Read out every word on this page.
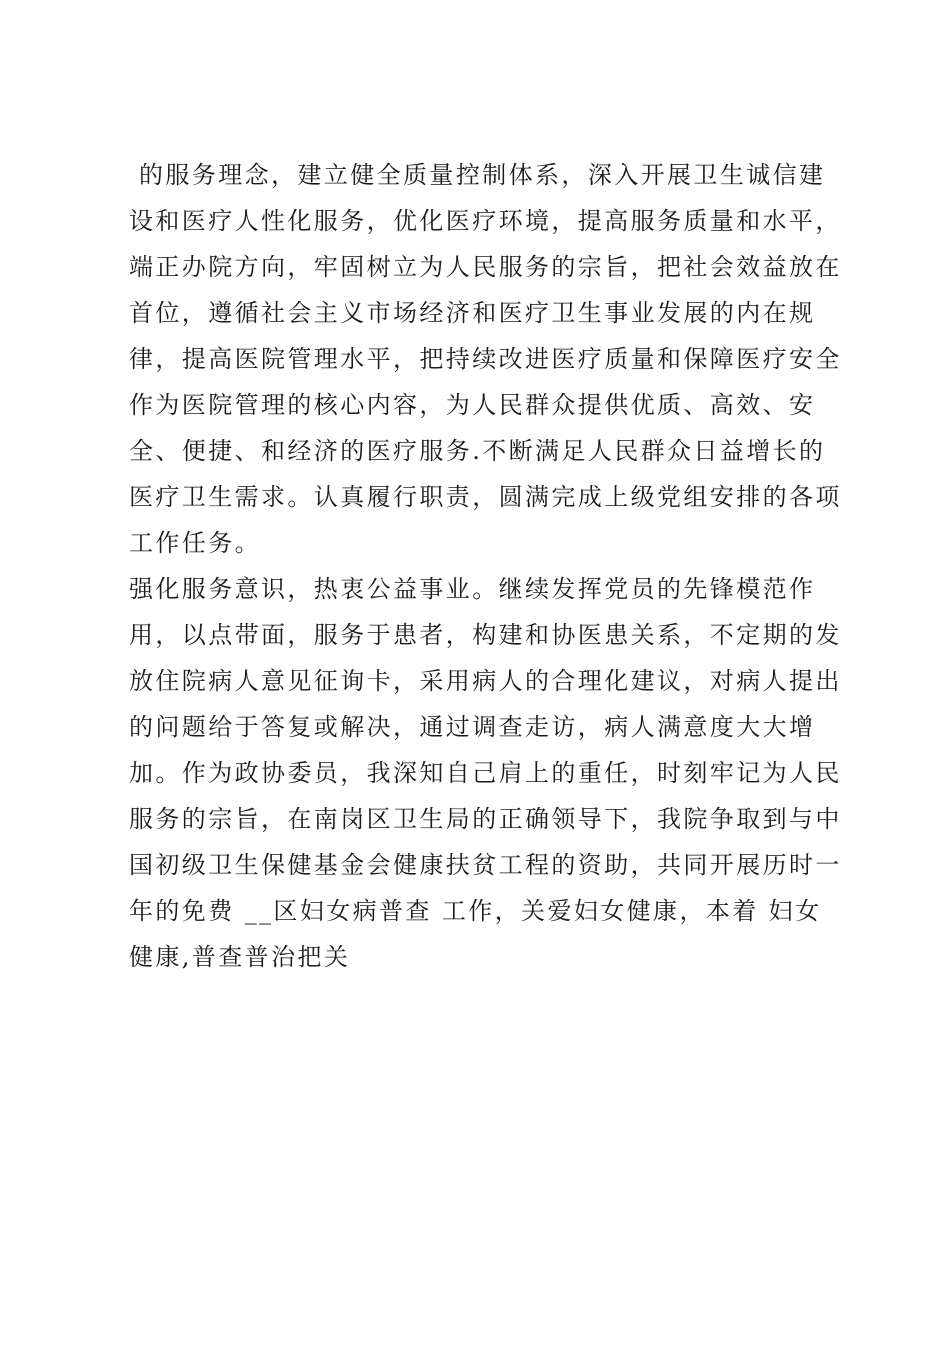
的服务理念，建立健全质量控制体系，深入开展卫生诚信建
设和医疗人性化服务，优化医疗环境，提高服务质量和水平，
端正办院方向，牢固树立为人民服务的宗旨，把社会效益放在
首位，遵循社会主义市场经济和医疗卫生事业发展的内在规
律，提高医院管理水平，把持续改进医疗质量和保障医疗安全
作为医院管理的核心内容，为人民群众提供优质、高效、安
全、便捷、和经济的医疗服务.不断满足人民群众日益增长的
医疗卫生需求。认真履行职责，圆满完成上级党组安排的各项
工作任务。
强化服务意识，热衷公益事业。继续发挥党员的先锋模范作
用，以点带面，服务于患者，构建和协医患关系，不定期的发
放住院病人意见征询卡，采用病人的合理化建议，对病人提出
的问题给于答复或解决，通过调查走访，病人满意度大大增
加。作为政协委员，我深知自己肩上的重任，时刻牢记为人民
服务的宗旨，在南岗区卫生局的正确领导下，我院争取到与中
国初级卫生保健基金会健康扶贫工程的资助，共同开展历时一
年的免费 __区妇女病普查 工作，关爱妇女健康，本着 妇女
健康,普查普治把关
